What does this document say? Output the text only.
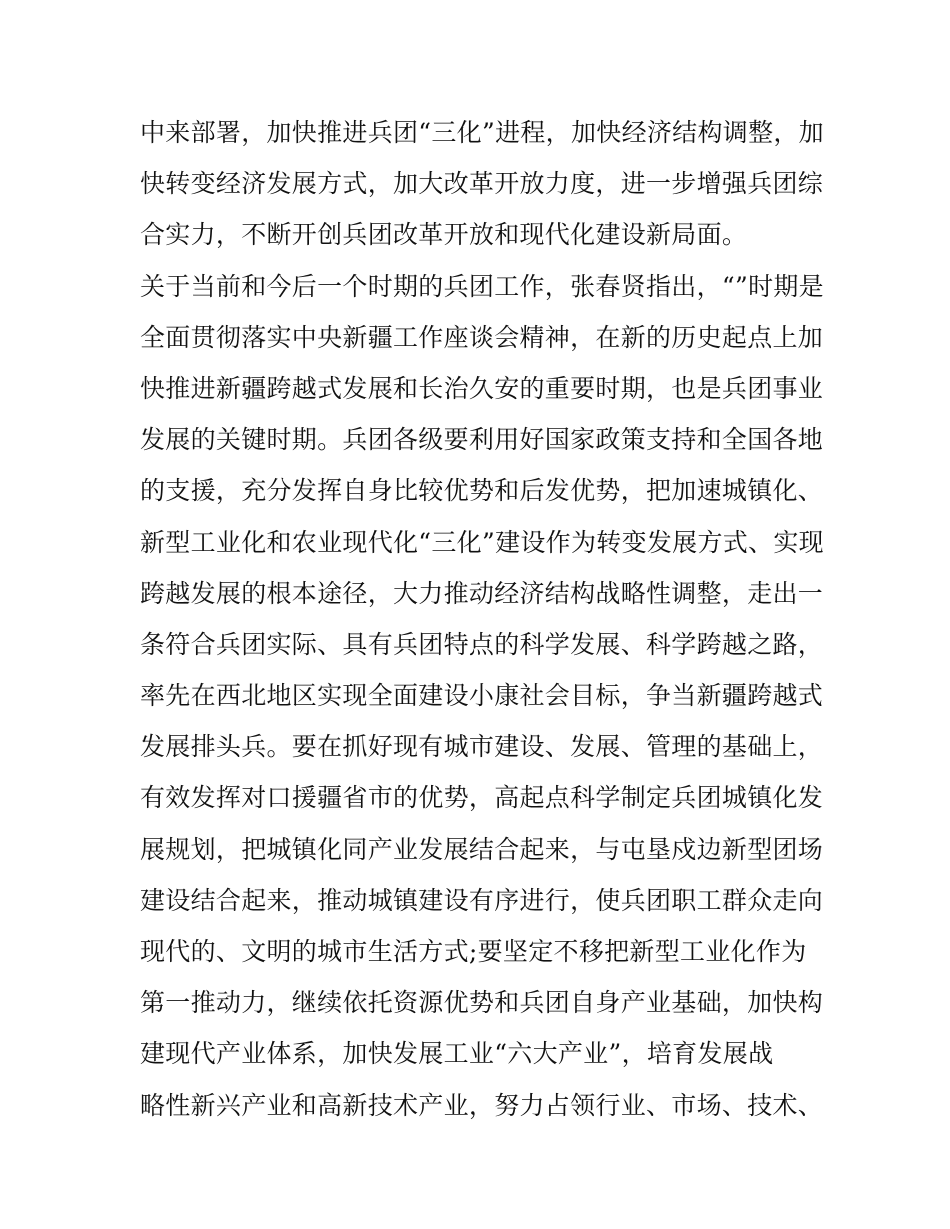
中来部署，加快推进兵团“三化”进程，加快经济结构调整，加
快转变经济发展方式，加大改革开放力度，进一步增强兵团综
合实力，不断开创兵团改革开放和现代化建设新局面。
关于当前和今后一个时期的兵团工作，张春贤指出，“”时期是
全面贯彻落实中央新疆工作座谈会精神，在新的历史起点上加
快推进新疆跨越式发展和长治久安的重要时期，也是兵团事业
发展的关键时期。兵团各级要利用好国家政策支持和全国各地
的支援，充分发挥自身比较优势和后发优势，把加速城镇化、
新型工业化和农业现代化“三化”建设作为转变发展方式、实现
跨越发展的根本途径，大力推动经济结构战略性调整，走出一
条符合兵团实际、具有兵团特点的科学发展、科学跨越之路，
率先在西北地区实现全面建设小康社会目标，争当新疆跨越式
发展排头兵。要在抓好现有城市建设、发展、管理的基础上，
有效发挥对口援疆省市的优势，高起点科学制定兵团城镇化发
展规划，把城镇化同产业发展结合起来，与屯垦戍边新型团场
建设结合起来，推动城镇建设有序进行，使兵团职工群众走向
现代的、文明的城市生活方式;要坚定不移把新型工业化作为
第一推动力，继续依托资源优势和兵团自身产业基础，加快构
建现代产业体系，加快发展工业“六大产业”，培育发展战
略性新兴产业和高新技术产业，努力占领行业、市场、技术、
